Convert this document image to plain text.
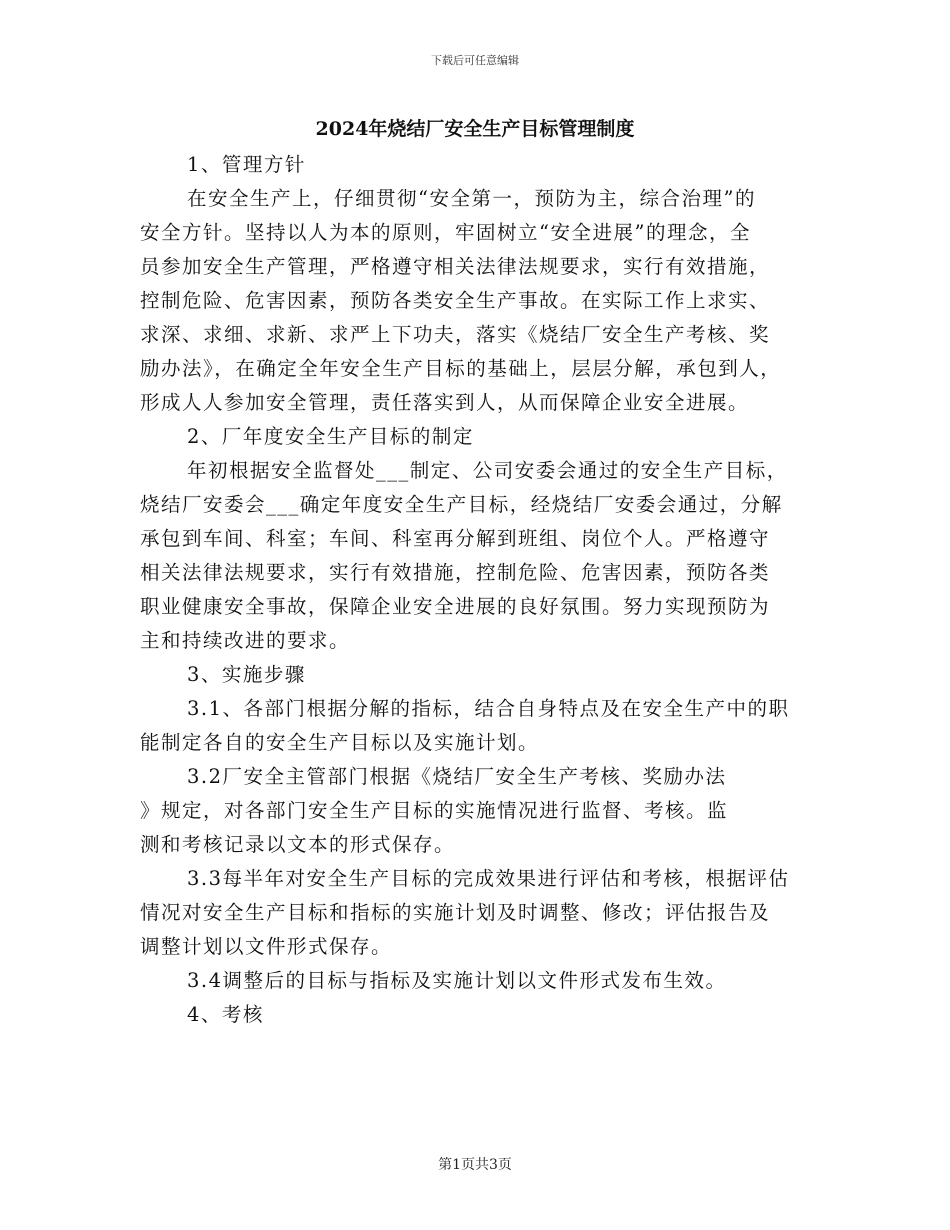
下载后可任意编辑
2024年烧结厂安全生产目标管理制度

1、管理方针

在安全生产上，仔细贯彻“安全第一，预防为主，综合治理”的
安全方针。坚持以人为本的原则，牢固树立“安全进展”的理念，全
员参加安全生产管理，严格遵守相关法律法规要求，实行有效措施，
控制危险、危害因素，预防各类安全生产事故。在实际工作上求实、
求深、求细、求新、求严上下功夫，落实《烧结厂安全生产考核、奖
励办法》，在确定全年安全生产目标的基础上，层层分解，承包到人，
形成人人参加安全管理，责任落实到人，从而保障企业安全进展。

2、厂年度安全生产目标的制定

年初根据安全监督处___制定、公司安委会通过的安全生产目标，
烧结厂安委会___确定年度安全生产目标，经烧结厂安委会通过，分解
承包到车间、科室；车间、科室再分解到班组、岗位个人。严格遵守
相关法律法规要求，实行有效措施，控制危险、危害因素，预防各类
职业健康安全事故，保障企业安全进展的良好氛围。努力实现预防为
主和持续改进的要求。

3、实施步骤

3.1、各部门根据分解的指标，结合自身特点及在安全生产中的职
能制定各自的安全生产目标以及实施计划。

3.2厂安全主管部门根据《烧结厂安全生产考核、奖励办法
》规定，对各部门安全生产目标的实施情况进行监督、考核。监
测和考核记录以文本的形式保存。

3.3每半年对安全生产目标的完成效果进行评估和考核，根据评估
情况对安全生产目标和指标的实施计划及时调整、修改；评估报告及
调整计划以文件形式保存。

3.4调整后的目标与指标及实施计划以文件形式发布生效。

4、考核

第1页共3页
